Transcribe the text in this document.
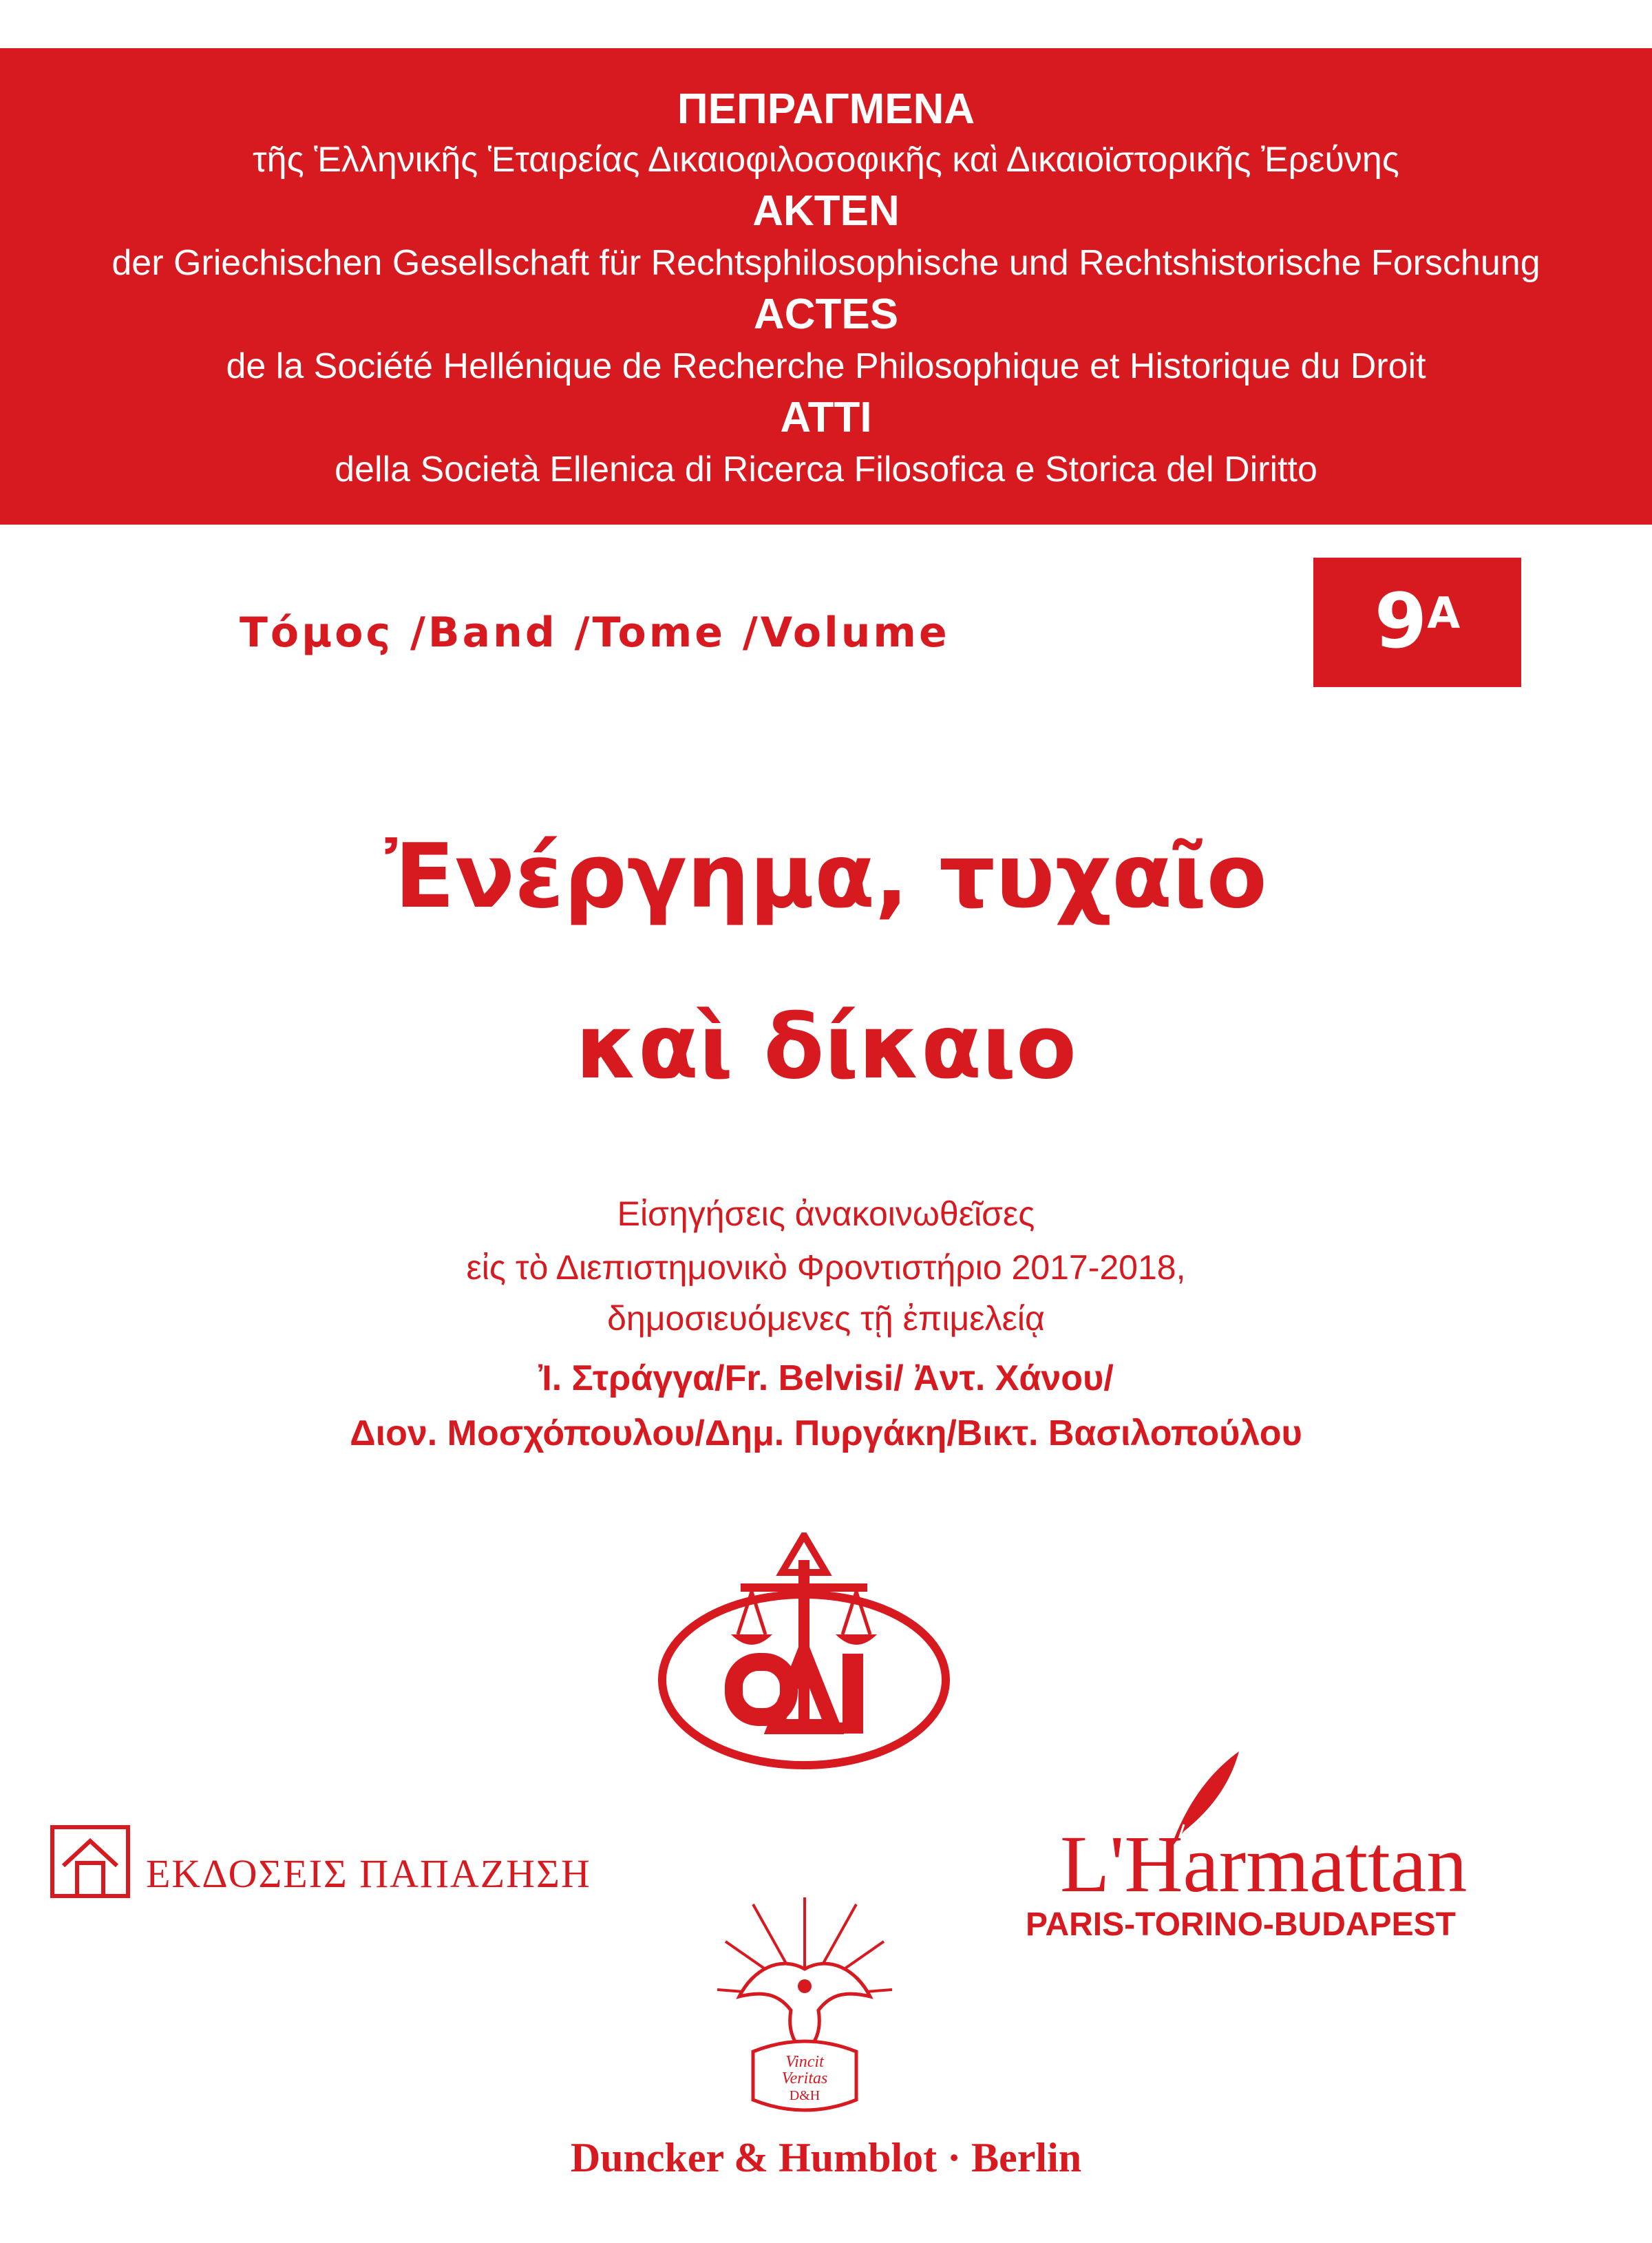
ΠΕΠΡΑΓΜΕΝΑ
τῆς Ἑλληνικῆς Ἑταιρείας Δικαιοφιλοσοφικῆς καὶ Δικαιοϊστορικῆς Ἐρεύνης
AKTEN
der Griechischen Gesellschaft für Rechtsphilosophische und Rechtshistorische Forschung
ACTES
de la Société Hellénique de Recherche Philosophique et Historique du Droit
ATTI
della Società Ellenica di Ricerca Filosofica e Storica del Diritto
Τόμος /Band /Tome /Volume	9Α
Ἐνέργημα, τυχαῖο
καὶ δίκαιο
Εἰσηγήσεις ἀνακοινωθεῖσες
εἰς τὸ Διεπιστημονικὸ Φροντιστήριο 2017-2018,
δημοσιευόμενες τῇ ἐπιμελείᾳ
Ἰ. Στράγγα/Fr. Belvisi/ Ἀντ. Χάνου/
Διον. Μοσχόπουλου/Δημ. Πυργάκη/Βικτ. Βασιλοπούλου
ΕΚΔΟΣΕΙΣ ΠΑΠΑΖΗΣΗ	L'Harmattan
PARIS-TORINO-BUDAPEST
Vincit
Veritas
D&H
Duncker & Humblot · Berlin
